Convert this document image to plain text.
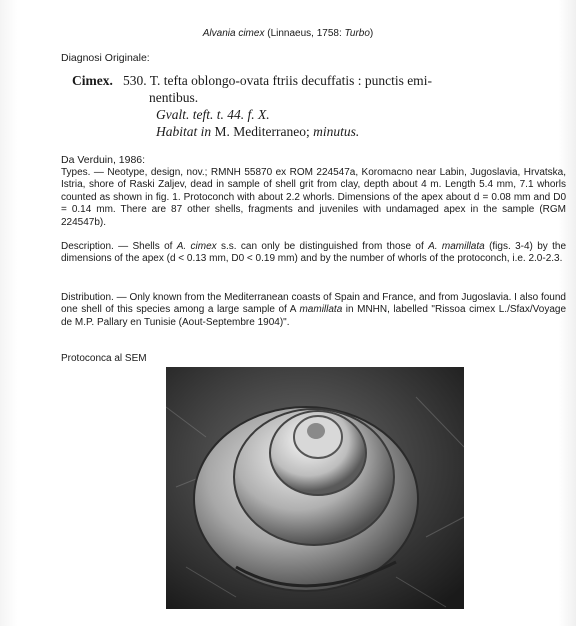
Alvania cimex (Linnaeus, 1758: Turbo)
Diagnosi Originale:
Cimex. 530. T. tefta oblongo-ovata ftriis decuffatis : punctis emi-
nentibus.
Gvalt. teft. t. 44. f. X.
Habitat in M. Mediterraneo; minutus.
Da Verduin, 1986:
Types. — Neotype, design, nov.; RMNH 55870 ex ROM 224547a, Koromacno near Labin, Jugoslavia, Hrvatska, Istria, shore of Raski Zaljev, dead in sample of shell grit from clay, depth about 4 m. Length 5.4 mm, 7.1 whorls counted as shown in fig. 1. Protoconch with about 2.2 whorls. Dimensions of the apex about d = 0.08 mm and D0 = 0.14 mm. There are 87 other shells, fragments and juveniles with undamaged apex in the sample (RGM 224547b).
Description. — Shells of A. cimex s.s. can only be distinguished from those of A. mamillata (figs. 3-4) by the dimensions of the apex (d < 0.13 mm, D0 < 0.19 mm) and by the number of whorls of the protoconch, i.e. 2.0-2.3.
Distribution. — Only known from the Mediterranean coasts of Spain and France, and from Jugoslavia. I also found one shell of this species among a large sample of A mamillata in MNHN, labelled "Rissoa cimex L./Sfax/Voyage de M.P. Pallary en Tunisie (Aout-Septembre 1904)".
Protoconca al SEM
